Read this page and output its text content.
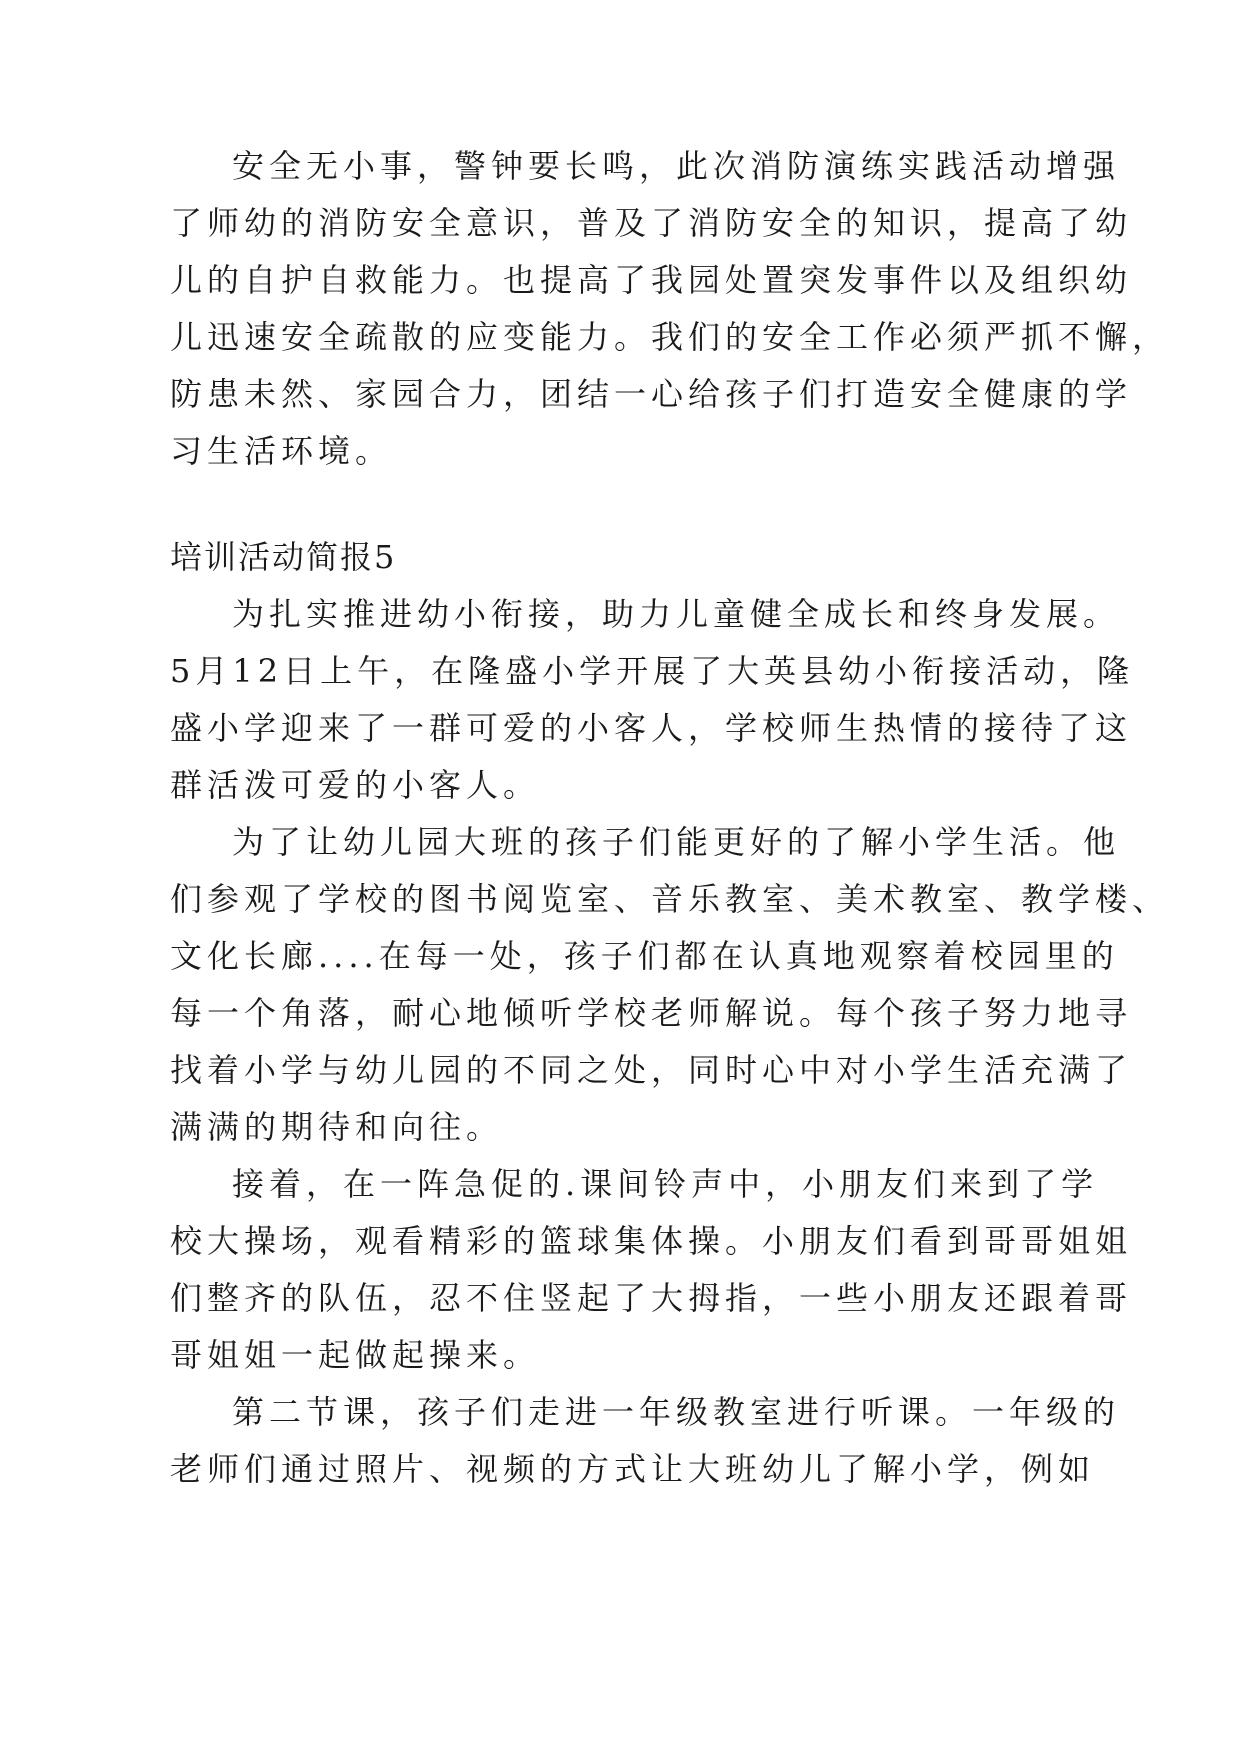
安全无小事，警钟要长鸣，此次消防演练实践活动增强
了师幼的消防安全意识，普及了消防安全的知识，提高了幼
儿的自护自救能力。也提高了我园处置突发事件以及组织幼
儿迅速安全疏散的应变能力。我们的安全工作必须严抓不懈，
防患未然、家园合力，团结一心给孩子们打造安全健康的学
习生活环境。
培训活动简报5
为扎实推进幼小衔接，助力儿童健全成长和终身发展。
5月12日上午，在隆盛小学开展了大英县幼小衔接活动，隆
盛小学迎来了一群可爱的小客人，学校师生热情的接待了这
群活泼可爱的小客人。
为了让幼儿园大班的孩子们能更好的了解小学生活。他
们参观了学校的图书阅览室、音乐教室、美术教室、教学楼、
文化长廊....在每一处，孩子们都在认真地观察着校园里的
每一个角落，耐心地倾听学校老师解说。每个孩子努力地寻
找着小学与幼儿园的不同之处，同时心中对小学生活充满了
满满的期待和向往。
接着，在一阵急促的.课间铃声中，小朋友们来到了学
校大操场，观看精彩的篮球集体操。小朋友们看到哥哥姐姐
们整齐的队伍，忍不住竖起了大拇指，一些小朋友还跟着哥
哥姐姐一起做起操来。
第二节课，孩子们走进一年级教室进行听课。一年级的
老师们通过照片、视频的方式让大班幼儿了解小学，例如
